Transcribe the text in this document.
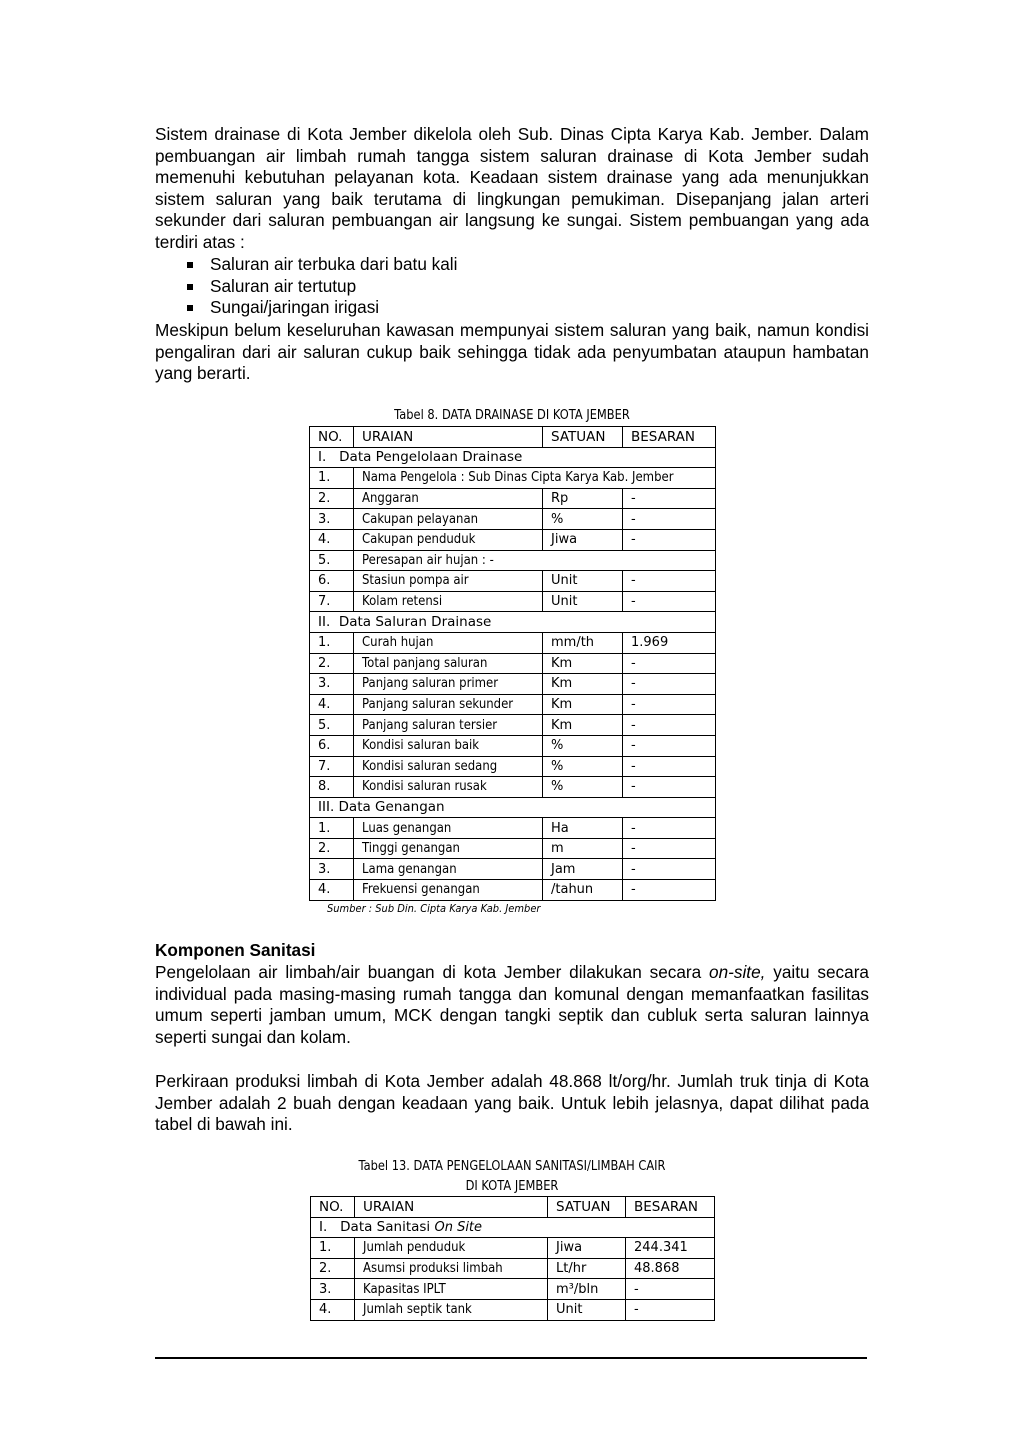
Sistem drainase di Kota Jember dikelola oleh Sub. Dinas Cipta Karya Kab. Jember. Dalam pembuangan air limbah rumah tangga sistem saluran drainase di Kota Jember sudah memenuhi kebutuhan pelayanan kota. Keadaan sistem drainase yang ada menunjukkan sistem saluran yang baik terutama di lingkungan pemukiman. Disepanjang jalan arteri sekunder dari saluran pembuangan air langsung ke sungai. Sistem pembuangan yang ada terdiri atas :

Saluran air terbuka dari batu kali
Saluran air tertutup
Sungai/jaringan irigasi

Meskipun belum keseluruhan kawasan mempunyai sistem saluran yang baik, namun kondisi pengaliran dari air saluran cukup baik sehingga tidak ada penyumbatan ataupun hambatan yang berarti.

Tabel 8. DATA DRAINASE DI KOTA JEMBER
NO.	URAIAN	SATUAN	BESARAN
I.   Data Pengelolaan Drainase			
1.	Nama Pengelola : Sub Dinas Cipta Karya Kab. Jember		
2.	Anggaran	Rp	-
3.	Cakupan pelayanan	%	-
4.	Cakupan penduduk	Jiwa	-
5.	Peresapan air hujan : -		
6.	Stasiun pompa air	Unit	-
7.	Kolam retensi	Unit	-
II.  Data Saluran Drainase			
1.	Curah hujan	mm/th	1.969
2.	Total panjang saluran	Km	-
3.	Panjang saluran primer	Km	-
4.	Panjang saluran sekunder	Km	-
5.	Panjang saluran tersier	Km	-
6.	Kondisi saluran baik	%	-
7.	Kondisi saluran sedang	%	-
8.	Kondisi saluran rusak	%	-
III. Data Genangan			
1.	Luas genangan	Ha	-
2.	Tinggi genangan	m	-
3.	Lama genangan	Jam	-
4.	Frekuensi genangan	/tahun	-

Sumber : Sub Din. Cipta Karya Kab. Jember

Komponen Sanitasi

Pengelolaan air limbah/air buangan di kota Jember dilakukan secara on-site, yaitu secara individual pada masing-masing rumah tangga dan komunal dengan memanfaatkan fasilitas umum seperti jamban umum, MCK dengan tangki septik dan cubluk serta saluran lainnya seperti sungai dan kolam.

Perkiraan produksi limbah di Kota Jember adalah 48.868 lt/org/hr. Jumlah truk tinja di Kota Jember adalah 2 buah dengan keadaan yang baik. Untuk lebih jelasnya, dapat dilihat pada tabel di bawah ini.

Tabel 13. DATA PENGELOLAAN SANITASI/LIMBAH CAIR
DI KOTA JEMBER
NO.	URAIAN	SATUAN	BESARAN
I.   Data Sanitasi On Site			
1.	Jumlah penduduk	Jiwa	244.341
2.	Asumsi produksi limbah	Lt/hr	48.868
3.	Kapasitas IPLT	m³/bln	-
4.	Jumlah septik tank	Unit	-
